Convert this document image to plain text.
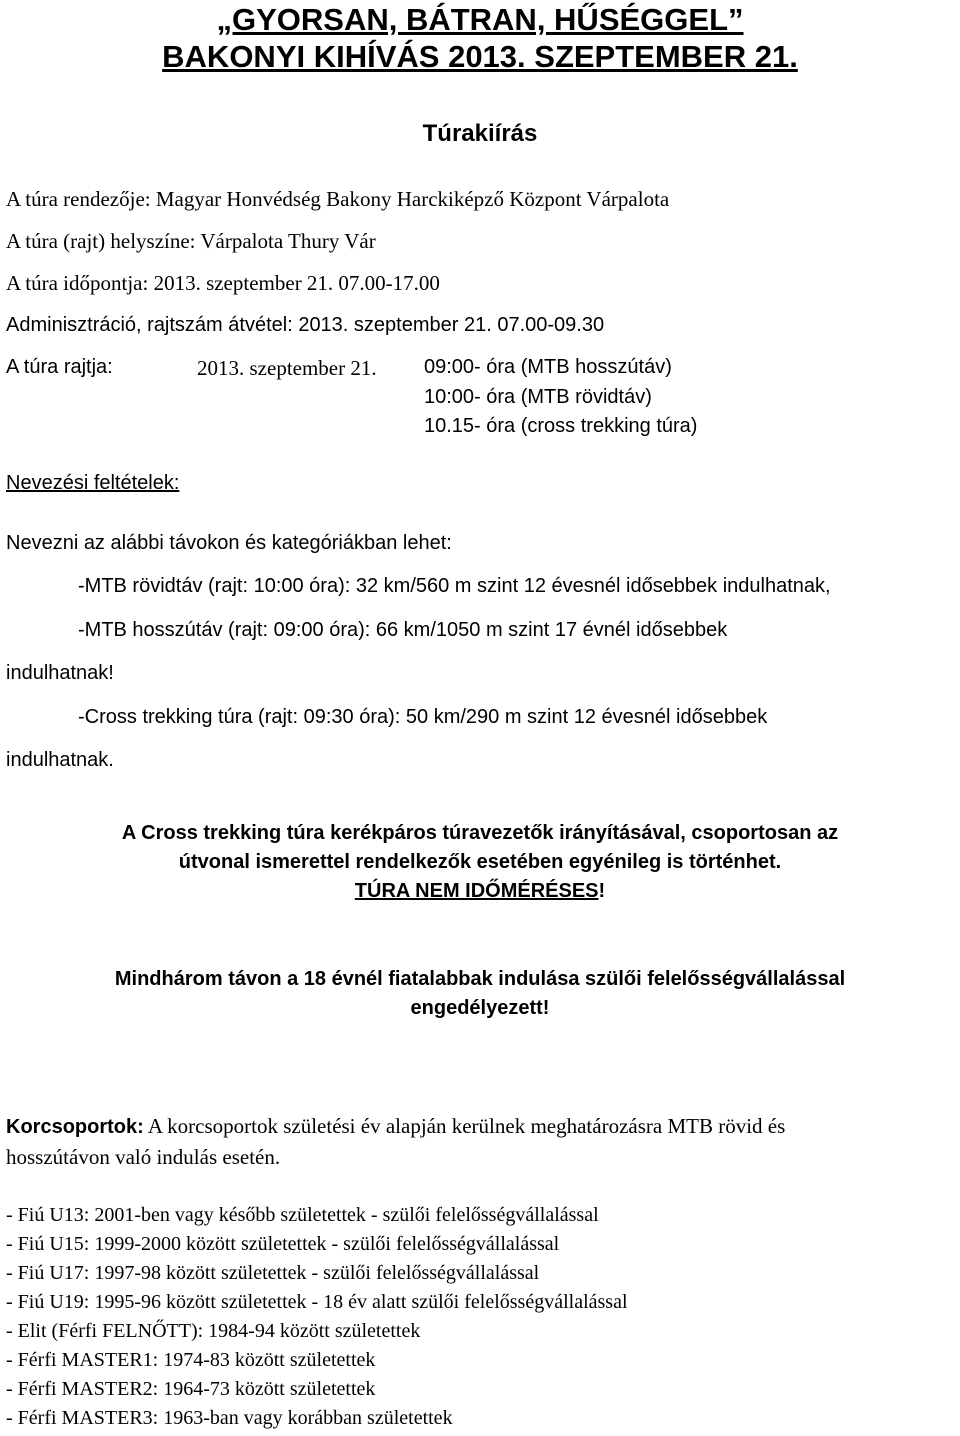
„GYORSAN, BÁTRAN, HŰSÉGGEL”
BAKONYI KIHÍVÁS 2013. SZEPTEMBER 21.
Túrakiírás
A túra rendezője: Magyar Honvédség Bakony Harckiképző Központ Várpalota
A túra (rajt) helyszíne: Várpalota Thury Vár
A túra időpontja: 2013. szeptember 21. 07.00-17.00
Adminisztráció, rajtszám átvétel: 2013. szeptember 21. 07.00-09.30
A túra rajtja:	2013. szeptember 21. 09:00- óra (MTB hosszútáv)
10:00- óra (MTB rövidtáv)
10.15- óra (cross trekking túra)
Nevezési feltételek:
Nevezni az alábbi távokon és kategóriákban lehet:
-MTB rövidtáv (rajt: 10:00 óra): 32 km/560 m szint 12 évesnél idősebbek indulhatnak,
-MTB hosszútáv (rajt: 09:00 óra): 66 km/1050 m szint 17 évnél idősebbek
indulhatnak!
-Cross trekking túra (rajt: 09:30 óra): 50 km/290 m szint 12 évesnél idősebbek
indulhatnak.
A Cross trekking túra kerékpáros túravezetők irányításával, csoportosan az
útvonal ismerettel rendelkezők esetében egyénileg is történhet.
TÚRA NEM IDŐMÉRÉSES!
Mindhárom távon a 18 évnél fiatalabbak indulása szülői felelősségvállalással
engedélyezett!
Korcsoportok: A korcsoportok születési év alapján kerülnek meghatározásra MTB rövid és
hosszútávon való indulás esetén.
- Fiú U13: 2001-ben vagy később születettek - szülői felelősségvállalással
- Fiú U15: 1999-2000 között születettek - szülői felelősségvállalással
- Fiú U17: 1997-98 között születettek - szülői felelősségvállalással
- Fiú U19: 1995-96 között születettek - 18 év alatt szülői felelősségvállalással
- Elit (Férfi FELNŐTT): 1984-94 között születettek
- Férfi MASTER1: 1974-83 között születettek
- Férfi MASTER2: 1964-73 között születettek
- Férfi MASTER3: 1963-ban vagy korábban születettek
